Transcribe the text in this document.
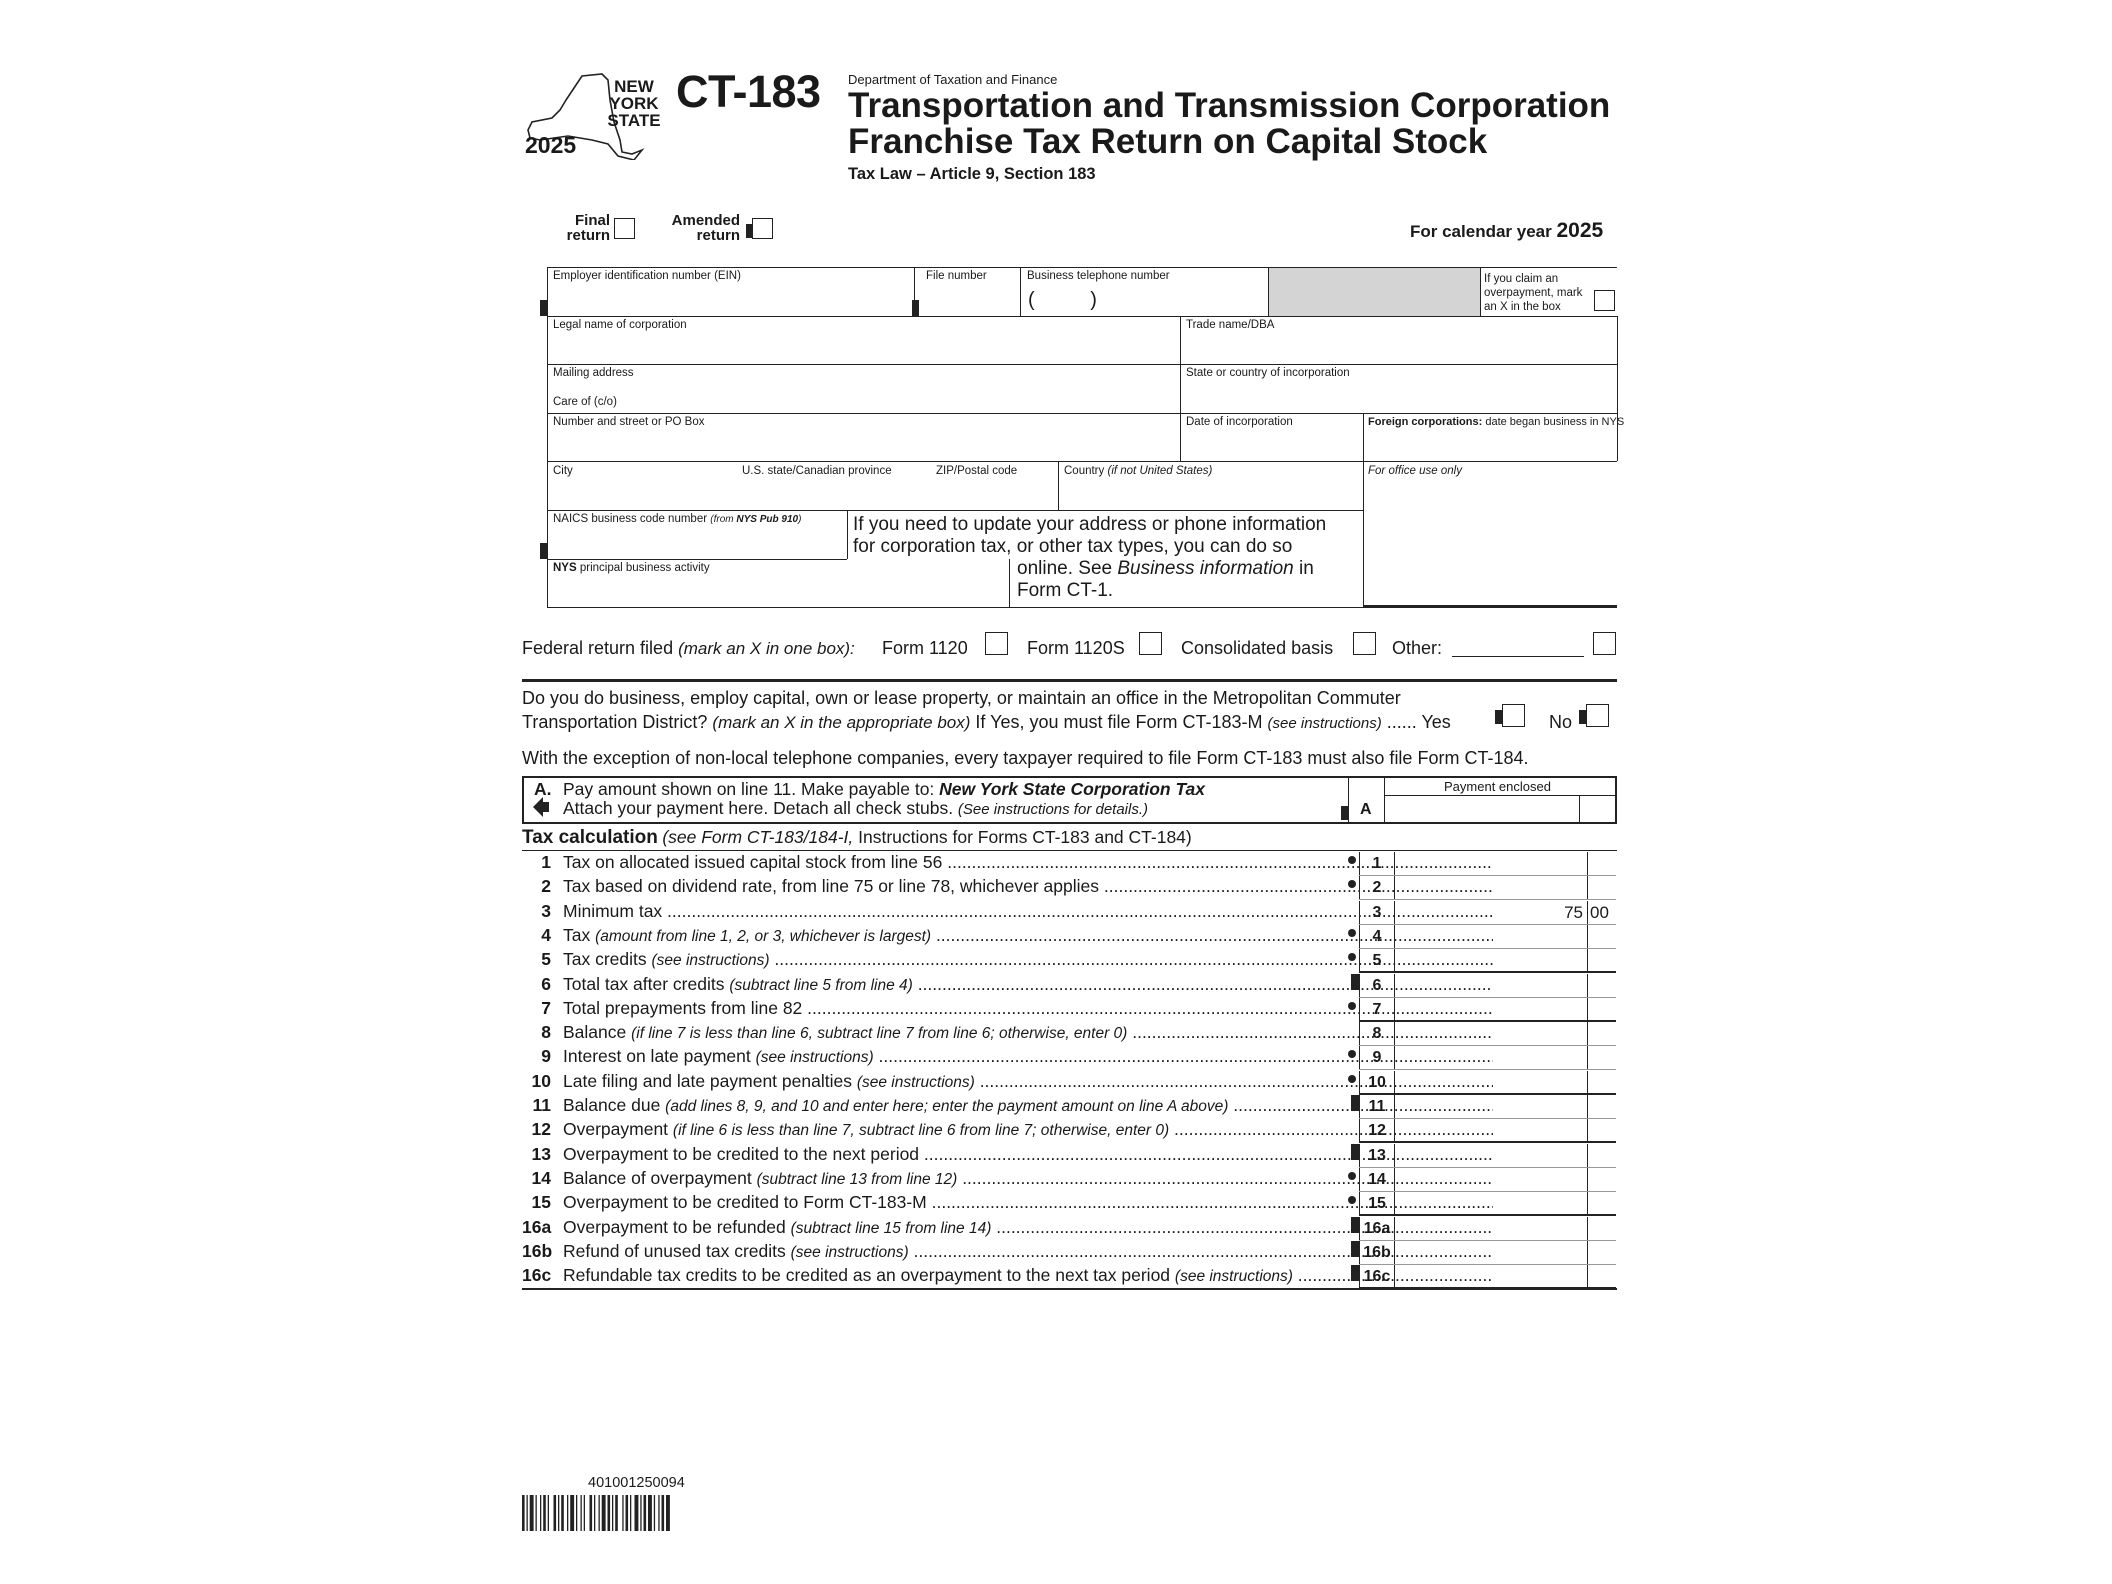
NEW
YORK
STATE
2025
CT-183 Department of Taxation and Finance
Transportation and Transmission Corporation
Franchise Tax Return on Capital Stock
Tax Law – Article 9, Section 183
Final
return
Amended
return	For calendar year 2025
Employer identification number (EIN)	File number	Business telephone number
(          )
If you claim an
overpayment, mark
an X in the box
Legal name of corporation	Trade name/DBA
Mailing address
Care of (c/o)
State or country of incorporation
Number and street or PO Box	Date of incorporation	Foreign corporations: date began business in NYS
City	U.S. state/Canadian province	ZIP/Postal code	Country (if not United States)	For office use only
NAICS business code number (from NYS Pub 910)
NYS principal business activity
If you need to update your address or phone information
for corporation tax, or other tax types, you can do so
online. See Business information in
Form CT-1.
Federal return filed (mark an X in one box): Form 1120	Form 1120S	Consolidated basis	Other:
Do you do business, employ capital, own or lease property, or maintain an office in the Metropolitan Commuter
Transportation District? (mark an X in the appropriate box) If Yes, you must file Form CT-183-M (see instructions) ...... Yes	No
With the exception of non-local telephone companies, every taxpayer required to file Form CT-183 must also file Form CT-184.
A. Pay amount shown on line 11. Make payable to: New York State Corporation Tax
Attach your payment here. Detach all check stubs. (See instructions for details.)	A
Payment enclosed
Tax calculation (see Form CT-183/184-I, Instructions for Forms CT-183 and CT-184)
1 Tax on allocated issued capital stock from line 56 .....	1
2 Tax based on dividend rate, from line 75 or line 78, whichever applies .....	2
3 Minimum tax .....	3	75 00
4 Tax (amount from line 1, 2, or 3, whichever is largest) .....	4
5 Tax credits (see instructions) .....	5
6 Total tax after credits (subtract line 5 from line 4) .....	6
7 Total prepayments from line 82 .....	7
8 Balance (if line 7 is less than line 6, subtract line 7 from line 6; otherwise, enter 0) .....	8
9 Interest on late payment (see instructions) .....	9
10 Late filing and late payment penalties (see instructions) .....	10
11 Balance due (add lines 8, 9, and 10 and enter here; enter the payment amount on line A above) .....	11
12 Overpayment (if line 6 is less than line 7, subtract line 6 from line 7; otherwise, enter 0) .....	12
13 Overpayment to be credited to the next period .....	13
14 Balance of overpayment (subtract line 13 from line 12) .....	14
15 Overpayment to be credited to Form CT-183-M .....	15
16a Overpayment to be refunded (subtract line 15 from line 14) .....	16a
16b Refund of unused tax credits (see instructions) .....	16b
16c Refundable tax credits to be credited as an overpayment to the next tax period (see instructions) .....	16c
401001250094
